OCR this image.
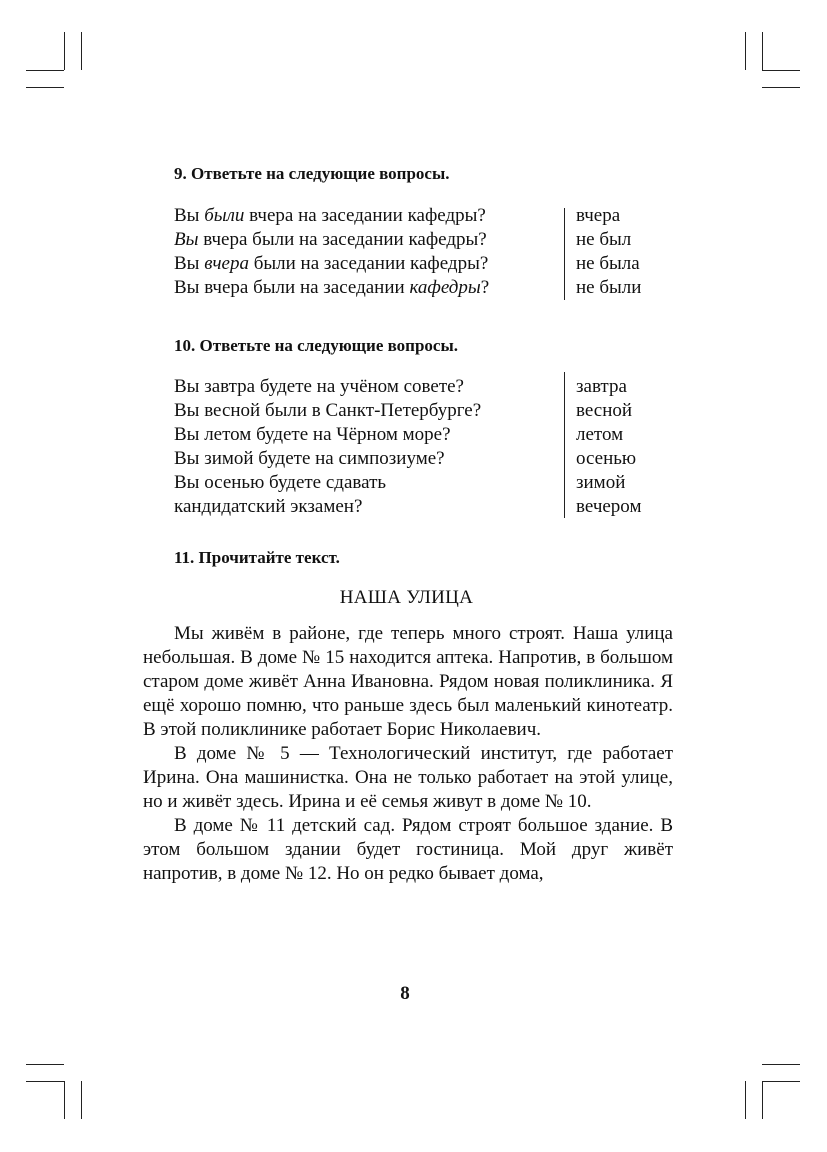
9. Ответьте на следующие вопросы.
Вы были вчера на заседании кафедры?
Вы вчера были на заседании кафедры?
Вы вчера были на заседании кафедры?
Вы вчера были на заседании кафедры?
вчера
не был
не была
не были
10. Ответьте на следующие вопросы.
Вы завтра будете на учёном совете?
Вы весной были в Санкт-Петербурге?
Вы летом будете на Чёрном море?
Вы зимой будете на симпозиуме?
Вы осенью будете сдавать
кандидатский экзамен?
завтра
весной
летом
осенью
зимой
вечером
11. Прочитайте текст.
НАША УЛИЦА

Мы живём в районе, где теперь много строят. Наша улица небольшая. В доме № 15 находится аптека. Напротив, в большом старом доме живёт Анна Ивановна. Рядом новая поликлиника. Я ещё хорошо помню, что раньше здесь был маленький кинотеатр. В этой поликлинике работает Борис Николаевич.

В доме № 5 — Технологический институт, где работает Ирина. Она машинистка. Она не только работает на этой улице, но и живёт здесь. Ирина и её семья живут в доме № 10.

В доме № 11 детский сад. Рядом строят большое здание. В этом большом здании будет гостиница. Мой друг живёт напротив, в доме № 12. Но он редко бывает дома,

8
